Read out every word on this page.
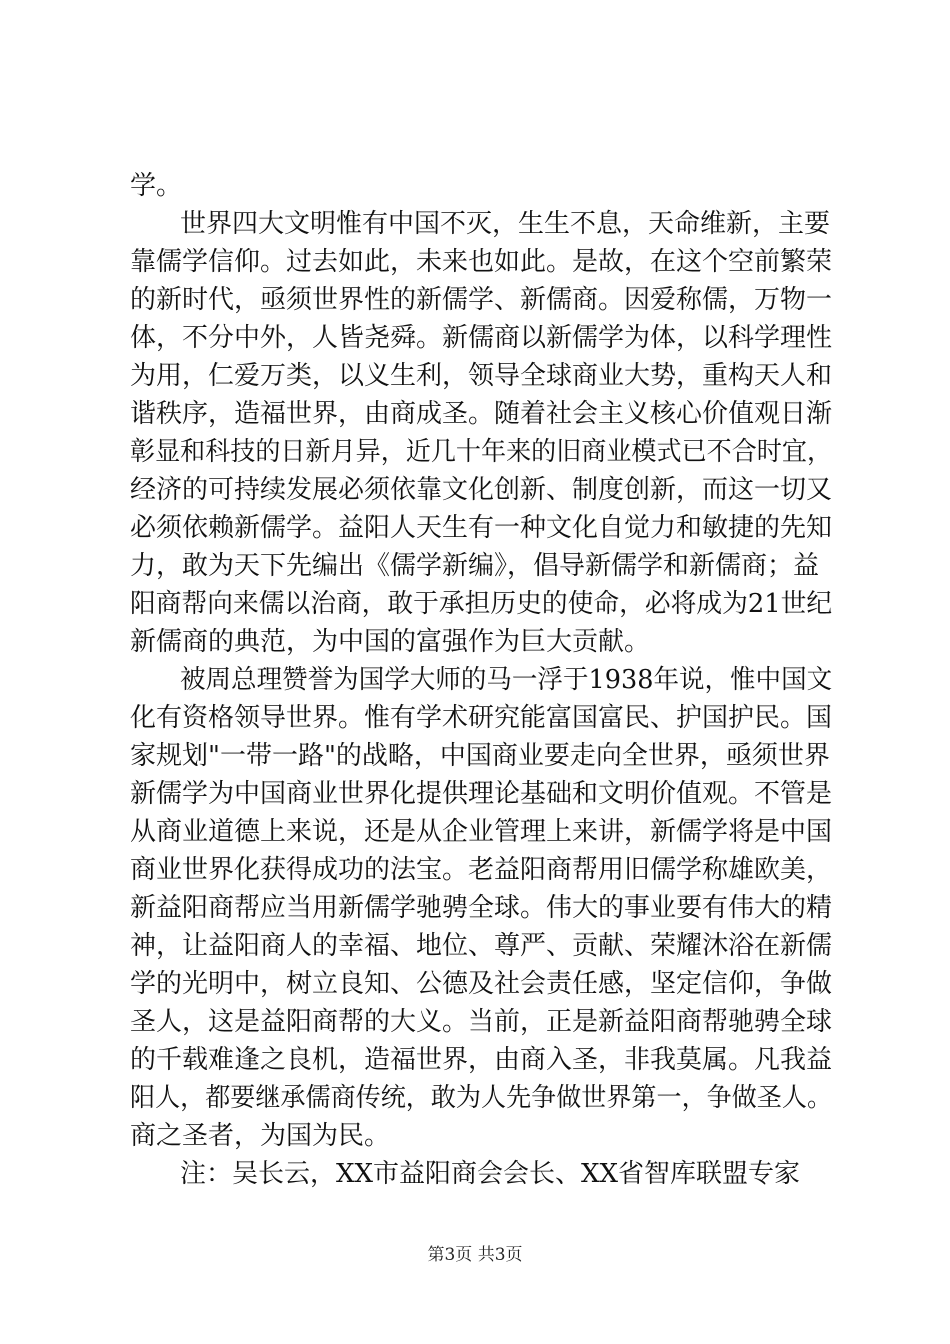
学。
世界四大文明惟有中国不灭，生生不息，天命维新，主要
靠儒学信仰。过去如此，未来也如此。是故，在这个空前繁荣
的新时代，亟须世界性的新儒学、新儒商。因爱称儒，万物一
体，不分中外，人皆尧舜。新儒商以新儒学为体，以科学理性
为用，仁爱万类，以义生利，领导全球商业大势，重构天人和
谐秩序，造福世界，由商成圣。随着社会主义核心价值观日渐
彰显和科技的日新月异，近几十年来的旧商业模式已不合时宜，
经济的可持续发展必须依靠文化创新、制度创新，而这一切又
必须依赖新儒学。益阳人天生有一种文化自觉力和敏捷的先知
力，敢为天下先编出《儒学新编》，倡导新儒学和新儒商；益
阳商帮向来儒以治商，敢于承担历史的使命，必将成为21世纪
新儒商的典范，为中国的富强作为巨大贡献。
被周总理赞誉为国学大师的马一浮于1938年说，惟中国文
化有资格领导世界。惟有学术研究能富国富民、护国护民。国
家规划"一带一路"的战略，中国商业要走向全世界，亟须世界
新儒学为中国商业世界化提供理论基础和文明价值观。不管是
从商业道德上来说，还是从企业管理上来讲，新儒学将是中国
商业世界化获得成功的法宝。老益阳商帮用旧儒学称雄欧美，
新益阳商帮应当用新儒学驰骋全球。伟大的事业要有伟大的精
神，让益阳商人的幸福、地位、尊严、贡献、荣耀沐浴在新儒
学的光明中，树立良知、公德及社会责任感，坚定信仰，争做
圣人，这是益阳商帮的大义。当前，正是新益阳商帮驰骋全球
的千载难逢之良机，造福世界，由商入圣，非我莫属。凡我益
阳人，都要继承儒商传统，敢为人先争做世界第一，争做圣人。
商之圣者，为国为民。
注：吴长云，XX市益阳商会会长、XX省智库联盟专家
第3页 共3页
